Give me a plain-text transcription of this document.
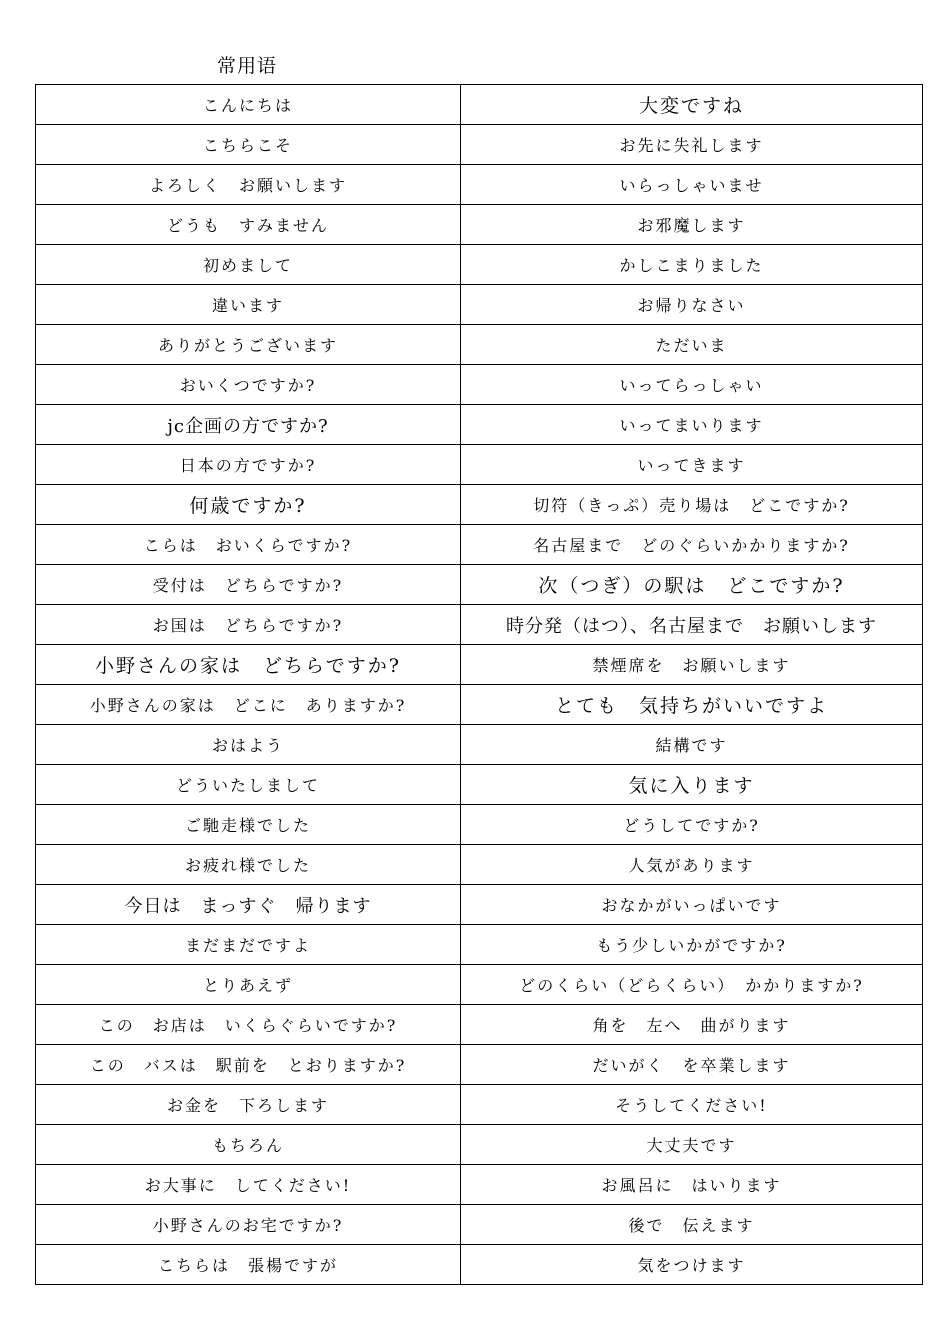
常用语
こんにちは	大変ですね
こちらこそ	お先に失礼します
よろしく　お願いします	いらっしゃいませ
どうも　すみません	お邪魔します
初めまして	かしこまりました
違います	お帰りなさい
ありがとうございます	ただいま
おいくつですか?	いってらっしゃい
jc企画の方ですか?	いってまいります
日本の方ですか?	いってきます
何歳ですか?	切符（きっぷ）売り場は　どこですか?
こらは　おいくらですか?	名古屋まで　どのぐらいかかりますか?
受付は　どちらですか?	次（つぎ）の駅は　どこですか?
お国は　どちらですか?	時分発（はつ）、名古屋まで　お願いします
小野さんの家は　どちらですか?	禁煙席を　お願いします
小野さんの家は　どこに　ありますか?	とても　気持ちがいいですよ
おはよう	結構です
どういたしまして	気に入ります
ご馳走様でした	どうしてですか?
お疲れ様でした	人気があります
今日は　まっすぐ　帰ります	おなかがいっぱいです
まだまだですよ	もう少しいかがですか?
とりあえず	どのくらい（どらくらい）　かかりますか?
この　お店は　いくらぐらいですか?	角を　左へ　曲がります
この　バスは　駅前を　とおりますか?	だいがく　を卒業します
お金を　下ろします	そうしてください!
もちろん	大丈夫です
お大事に　してください!	お風呂に　はいります
小野さんのお宅ですか?	後で　伝えます
こちらは　張楊ですが	気をつけます
